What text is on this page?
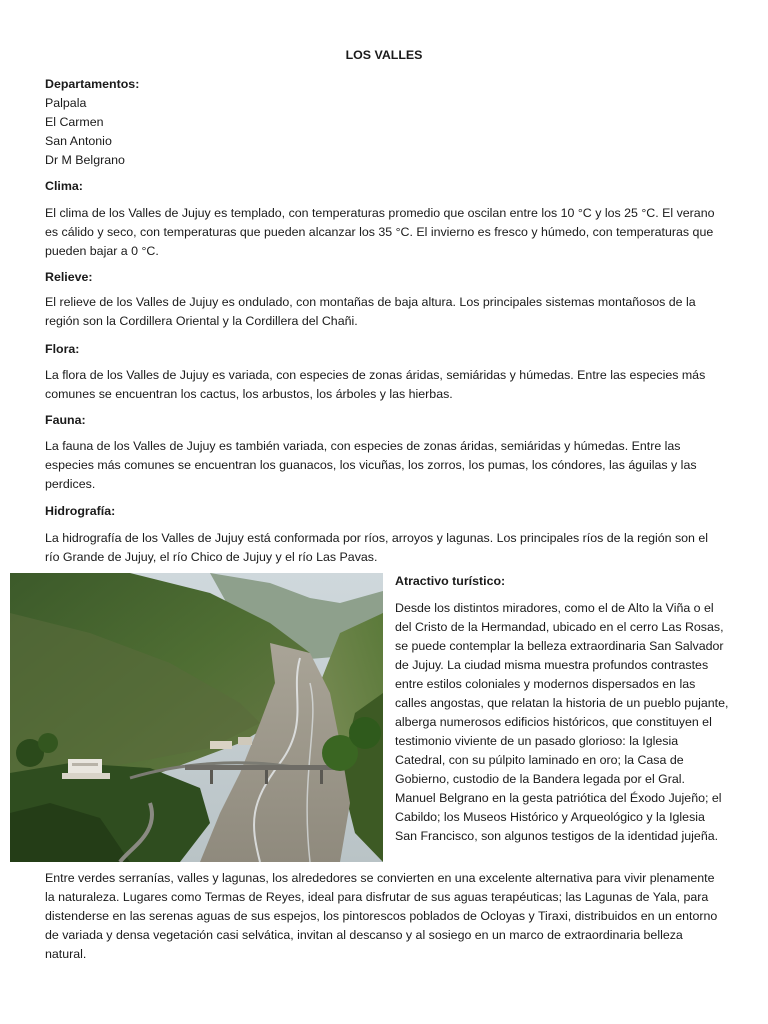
LOS VALLES
Departamentos:
Palpala
El Carmen
San Antonio
Dr M Belgrano
Clima:

El clima de los Valles de Jujuy es templado, con temperaturas promedio que oscilan entre los 10 °C y los 25 °C. El verano es cálido y seco, con temperaturas que pueden alcanzar los 35 °C. El invierno es fresco y húmedo, con temperaturas que pueden bajar a 0 °C.

Relieve:

El relieve de los Valles de Jujuy es ondulado, con montañas de baja altura. Los principales sistemas montañosos de la región son la Cordillera Oriental y la Cordillera del Chañi.

Flora:

La flora de los Valles de Jujuy es variada, con especies de zonas áridas, semiáridas y húmedas. Entre las especies más comunes se encuentran los cactus, los arbustos, los árboles y las hierbas.

Fauna:

La fauna de los Valles de Jujuy es también variada, con especies de zonas áridas, semiáridas y húmedas. Entre las especies más comunes se encuentran los guanacos, los vicuñas, los zorros, los pumas, los cóndores, las águilas y las perdices.

Hidrografía:

La hidrografía de los Valles de Jujuy está conformada por ríos, arroyos y lagunas. Los principales ríos de la región son el río Grande de Jujuy, el río Chico de Jujuy y el río Las Pavas.

Atractivo turístico:

Desde los distintos miradores, como el de Alto la Viña o el del Cristo de la Hermandad, ubicado en el cerro Las Rosas, se puede contemplar la belleza extraordinaria San Salvador de Jujuy. La ciudad misma muestra profundos contrastes entre estilos coloniales y modernos dispersados en las calles angostas, que relatan la historia de un pueblo pujante, alberga numerosos edificios históricos, que constituyen el testimonio viviente de un pasado glorioso: la Iglesia Catedral, con su púlpito laminado en oro; la Casa de Gobierno, custodio de la Bandera legada por el Gral. Manuel Belgrano en la gesta patriótica del Éxodo Jujeño; el Cabildo; los Museos Histórico y Arqueológico y la Iglesia San Francisco, son algunos testigos de la identidad jujeña.

Entre verdes serranías, valles y lagunas, los alrededores se convierten en una excelente alternativa para vivir plenamente la naturaleza. Lugares como Termas de Reyes, ideal para disfrutar de sus aguas terapéuticas; las Lagunas de Yala, para distenderse en las serenas aguas de sus espejos, los pintorescos poblados de Ocloyas y Tiraxi, distribuidos en un entorno de variada y densa vegetación casi selvática, invitan al descanso y al sosiego en un marco de extraordinaria belleza natural.
